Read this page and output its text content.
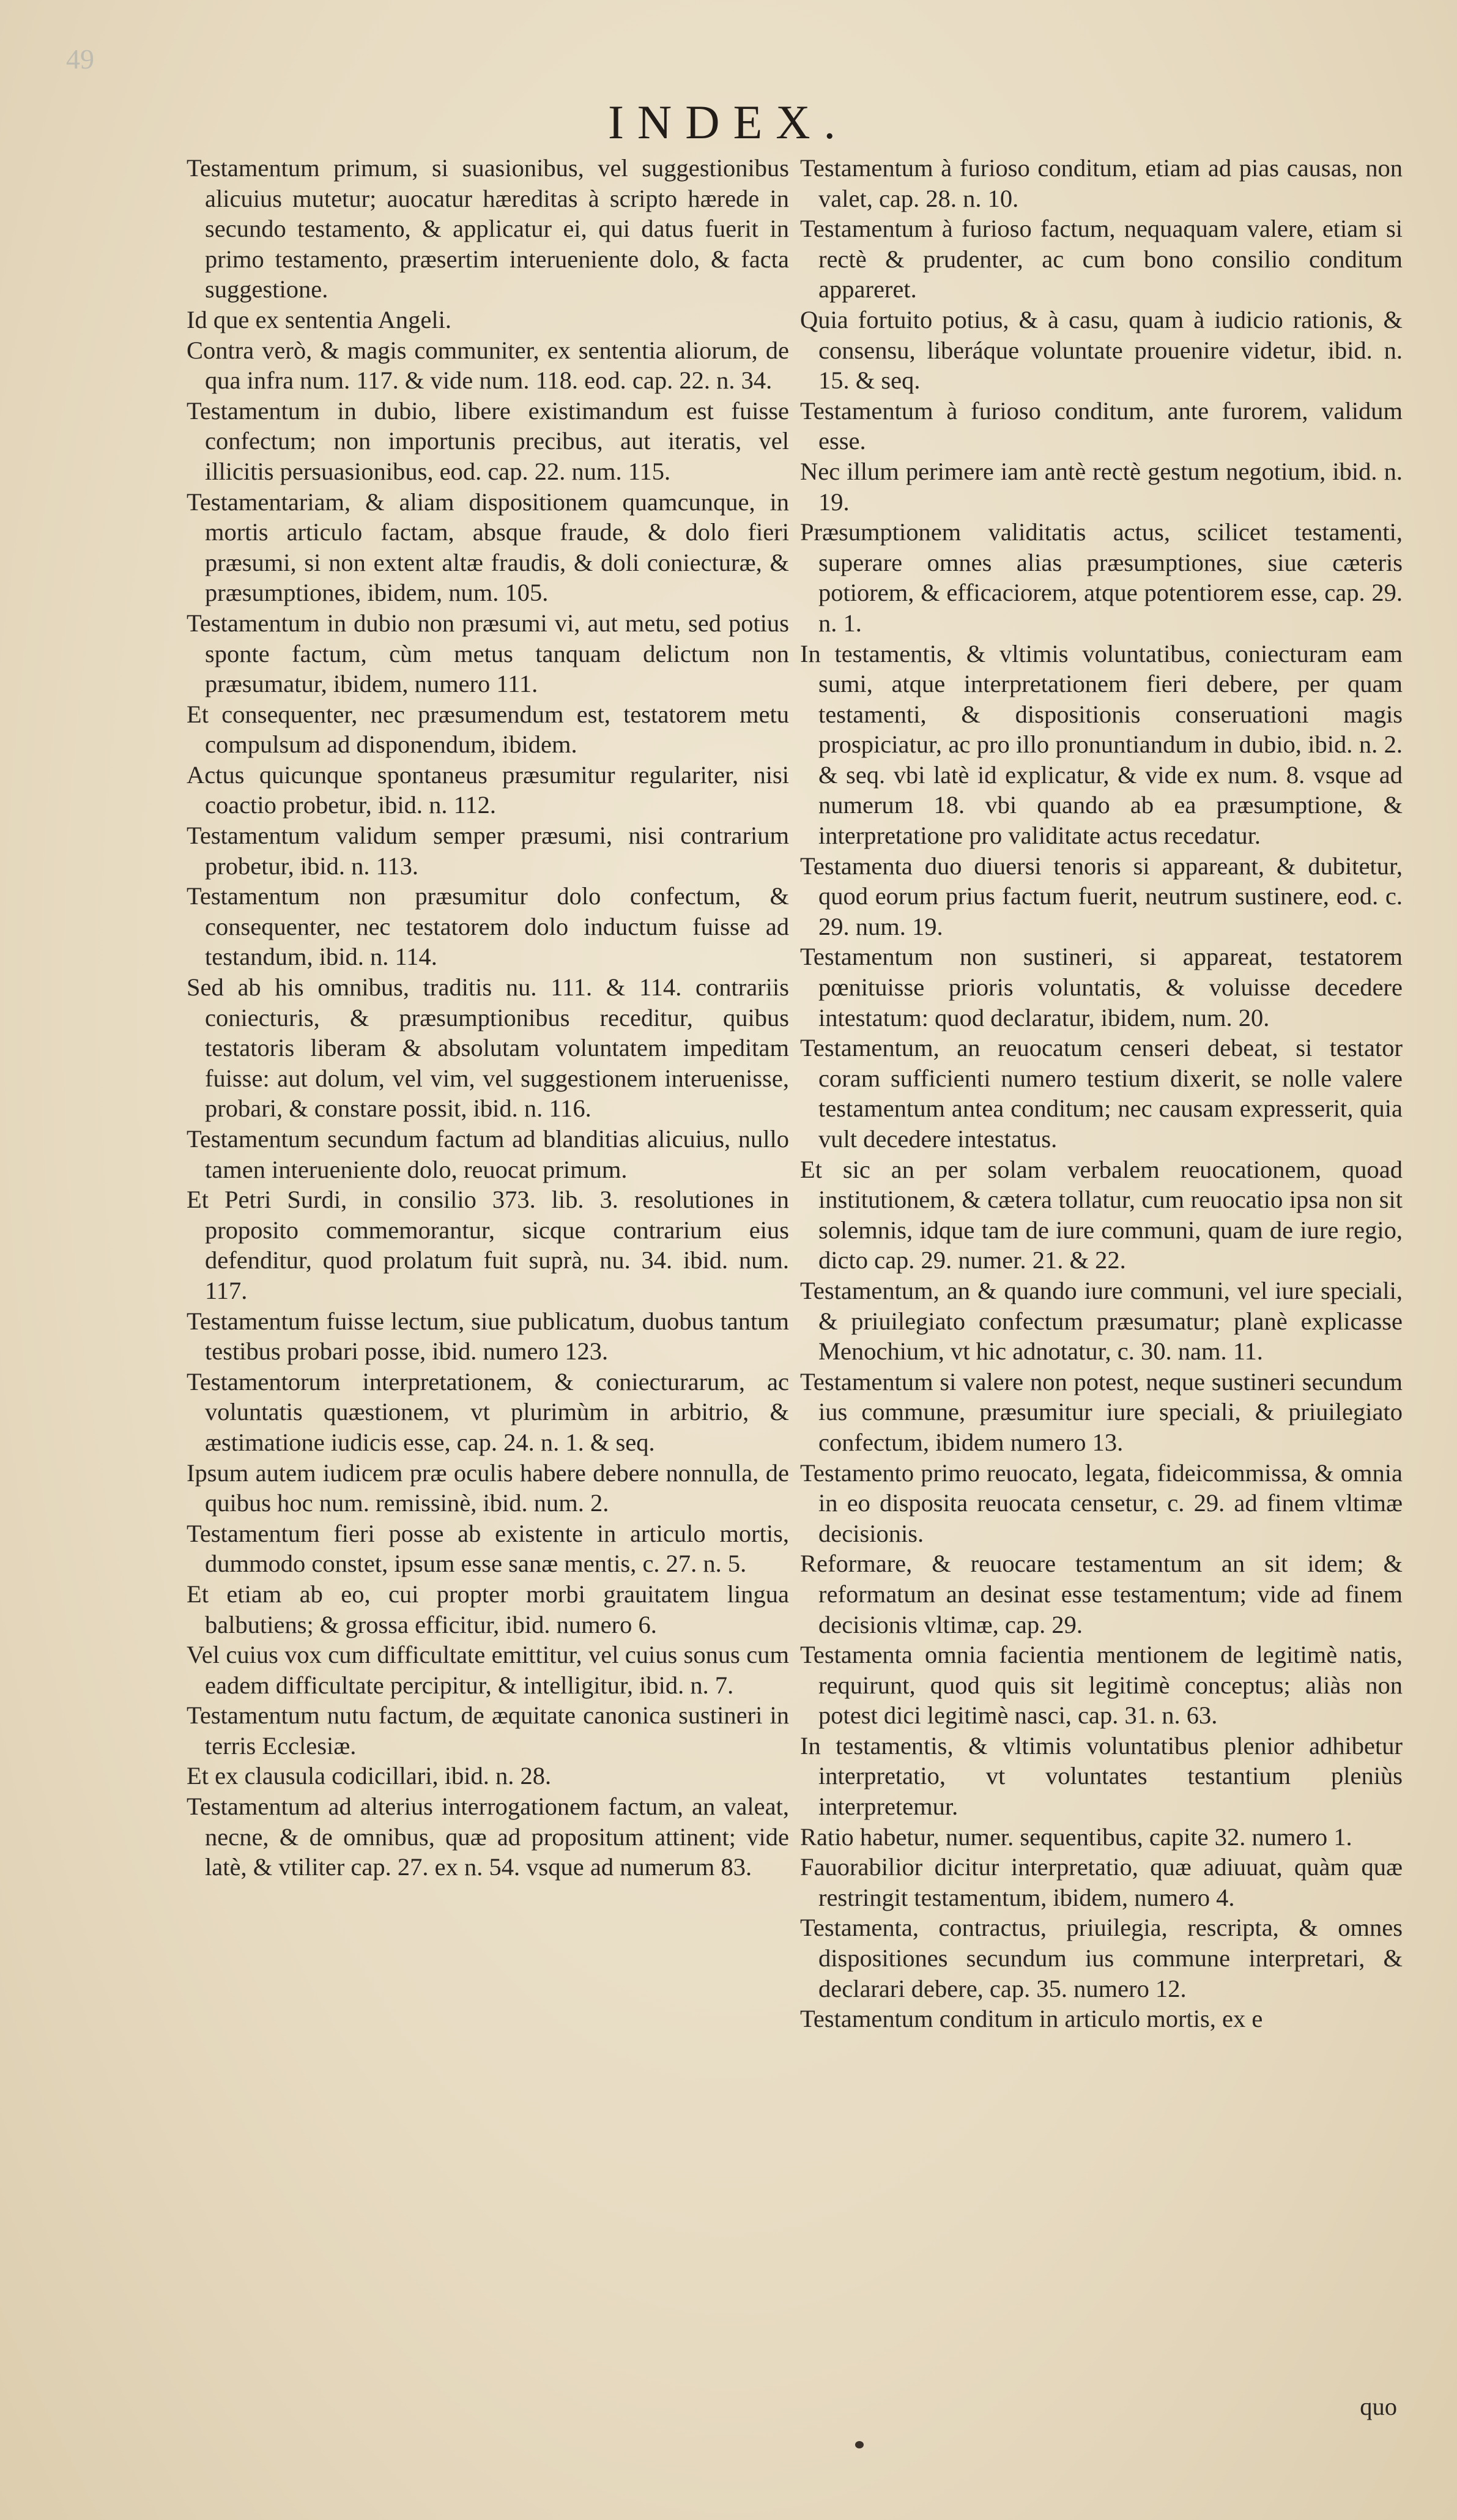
49
INDEX.

Testamentum primum, si suasionibus, vel suggestionibus alicuius mutetur; auocatur hæreditas à scripto hærede in secundo testamento, & applicatur ei, qui datus fuerit in primo testamento, præsertim interueniente dolo, & facta suggestione.

Id que ex sententia Angeli.

Contra verò, & magis communiter, ex sententia aliorum, de qua infra num. 117. & vide num. 118. eod. cap. 22. n. 34.

Testamentum in dubio, libere existimandum est fuisse confectum; non importunis precibus, aut iteratis, vel illicitis persuasionibus, eod. cap. 22. num. 115.

Testamentariam, & aliam dispositionem quamcunque, in mortis articulo factam, absque fraude, & dolo fieri præsumi, si non extent altæ fraudis, & doli coniecturæ, & præsumptiones, ibidem, num. 105.

Testamentum in dubio non præsumi vi, aut metu, sed potius sponte factum, cùm metus tanquam delictum non præsumatur, ibidem, numero 111.

Et consequenter, nec præsumendum est, testatorem metu compulsum ad disponendum, ibidem.

Actus quicunque spontaneus præsumitur regulariter, nisi coactio probetur, ibid. n. 112.

Testamentum validum semper præsumi, nisi contrarium probetur, ibid. n. 113.

Testamentum non præsumitur dolo confectum, & consequenter, nec testatorem dolo inductum fuisse ad testandum, ibid. n. 114.

Sed ab his omnibus, traditis nu. 111. & 114. contrariis coniecturis, & præsumptionibus receditur, quibus testatoris liberam & absolutam voluntatem impeditam fuisse: aut dolum, vel vim, vel suggestionem interuenisse, probari, & constare possit, ibid. n. 116.

Testamentum secundum factum ad blanditias alicuius, nullo tamen interueniente dolo, reuocat primum.

Et Petri Surdi, in consilio 373. lib. 3. resolutiones in proposito commemorantur, sicque contrarium eius defenditur, quod prolatum fuit suprà, nu. 34. ibid. num. 117.

Testamentum fuisse lectum, siue publicatum, duobus tantum testibus probari posse, ibid. numero 123.

Testamentorum interpretationem, & coniecturarum, ac voluntatis quæstionem, vt plurimùm in arbitrio, & æstimatione iudicis esse, cap. 24. n. 1. & seq.

Ipsum autem iudicem præ oculis habere debere nonnulla, de quibus hoc num. remissinè, ibid. num. 2.

Testamentum fieri posse ab existente in articulo mortis, dummodo constet, ipsum esse sanæ mentis, c. 27. n. 5.

Et etiam ab eo, cui propter morbi grauitatem lingua balbutiens; & grossa efficitur, ibid. numero 6.

Vel cuius vox cum difficultate emittitur, vel cuius sonus cum eadem difficultate percipitur, & intelligitur, ibid. n. 7.

Testamentum nutu factum, de æquitate canonica sustineri in terris Ecclesiæ.

Et ex clausula codicillari, ibid. n. 28.

Testamentum ad alterius interrogationem factum, an valeat, necne, & de omnibus, quæ ad propositum attinent; vide latè, & vtiliter cap. 27. ex n. 54. vsque ad numerum 83.

Testamentum à furioso conditum, etiam ad pias causas, non valet, cap. 28. n. 10.

Testamentum à furioso factum, nequaquam valere, etiam si rectè & prudenter, ac cum bono consilio conditum appareret.

Quia fortuito potius, & à casu, quam à iudicio rationis, & consensu, liberáque voluntate prouenire videtur, ibid. n. 15. & seq.

Testamentum à furioso conditum, ante furorem, validum esse.

Nec illum perimere iam antè rectè gestum negotium, ibid. n. 19.

Præsumptionem validitatis actus, scilicet testamenti, superare omnes alias præsumptiones, siue cæteris potiorem, & efficaciorem, atque potentiorem esse, cap. 29. n. 1.

In testamentis, & vltimis voluntatibus, coniecturam eam sumi, atque interpretationem fieri debere, per quam testamenti, & dispositionis conseruationi magis prospiciatur, ac pro illo pronuntiandum in dubio, ibid. n. 2. & seq. vbi latè id explicatur, & vide ex num. 8. vsque ad numerum 18. vbi quando ab ea præsumptione, & interpretatione pro validitate actus recedatur.

Testamenta duo diuersi tenoris si appareant, & dubitetur, quod eorum prius factum fuerit, neutrum sustinere, eod. c. 29. num. 19.

Testamentum non sustineri, si appareat, testatorem pœnituisse prioris voluntatis, & voluisse decedere intestatum: quod declaratur, ibidem, num. 20.

Testamentum, an reuocatum censeri debeat, si testator coram sufficienti numero testium dixerit, se nolle valere testamentum antea conditum; nec causam expresserit, quia vult decedere intestatus.

Et sic an per solam verbalem reuocationem, quoad institutionem, & cætera tollatur, cum reuocatio ipsa non sit solemnis, idque tam de iure communi, quam de iure regio, dicto cap. 29. numer. 21. & 22.

Testamentum, an & quando iure communi, vel iure speciali, & priuilegiato confectum præsumatur; planè explicasse Menochium, vt hic adnotatur, c. 30. nam. 11.

Testamentum si valere non potest, neque sustineri secundum ius commune, præsumitur iure speciali, & priuilegiato confectum, ibidem numero 13.

Testamento primo reuocato, legata, fideicommissa, & omnia in eo disposita reuocata censetur, c. 29. ad finem vltimæ decisionis.

Reformare, & reuocare testamentum an sit idem; & reformatum an desinat esse testamentum; vide ad finem decisionis vltimæ, cap. 29.

Testamenta omnia facientia mentionem de legitimè natis, requirunt, quod quis sit legitimè conceptus; aliàs non potest dici legitimè nasci, cap. 31. n. 63.

In testamentis, & vltimis voluntatibus plenior adhibetur interpretatio, vt voluntates testantium pleniùs interpretemur.

Ratio habetur, numer. sequentibus, capite 32. numero 1.

Fauorabilior dicitur interpretatio, quæ adiuuat, quàm quæ restringit testamentum, ibidem, numero 4.

Testamenta, contractus, priuilegia, rescripta, & omnes dispositiones secundum ius commune interpretari, & declarari debere, cap. 35. numero 12.

Testamentum conditum in articulo mortis, ex e

quo
